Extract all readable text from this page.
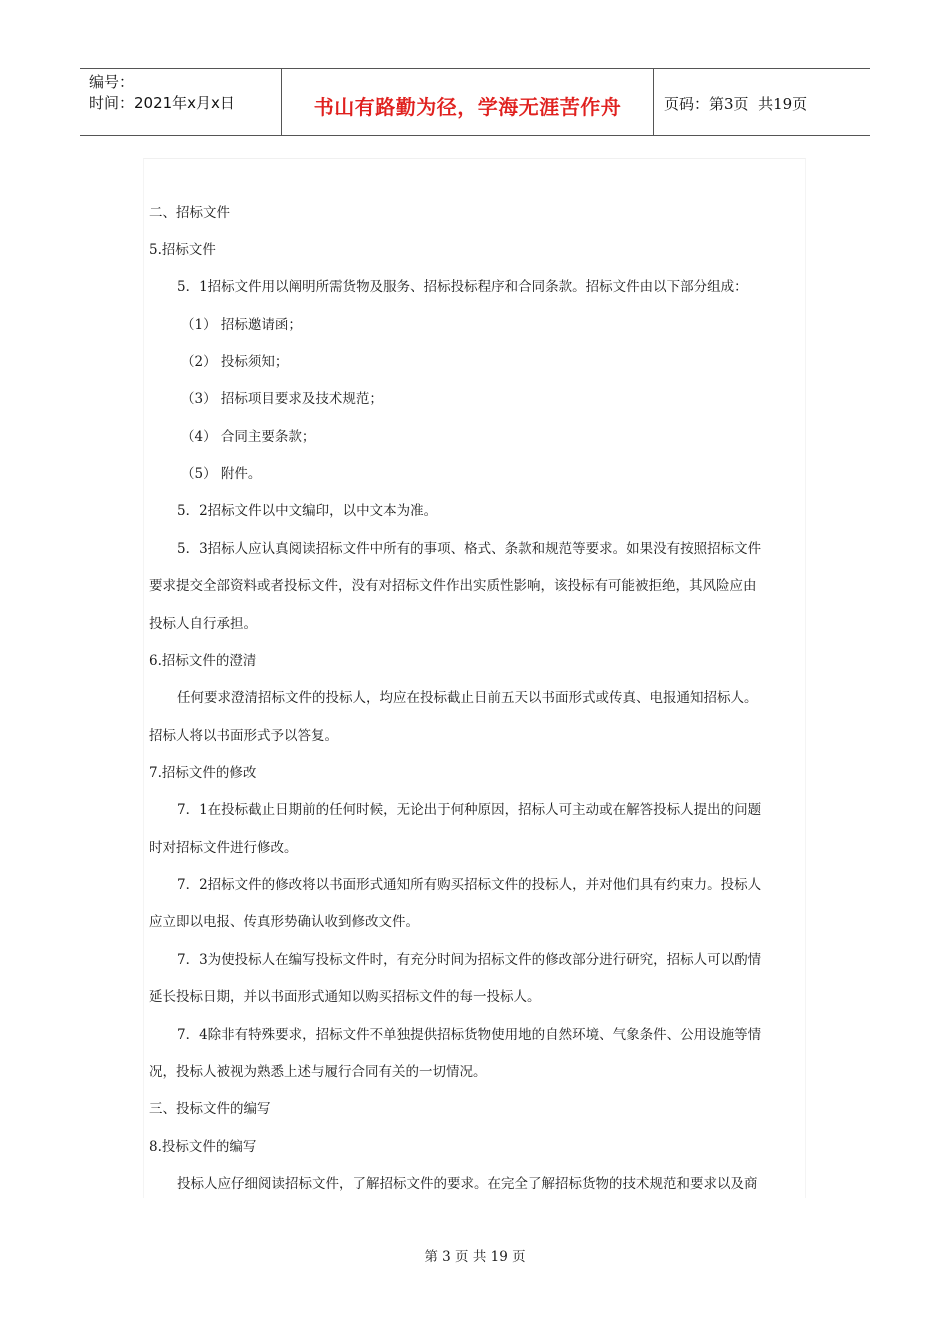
编号：
时间：2021年x月x日	书山有路勤为径，学海无涯苦作舟	页码：第3页  共19页
二、招标文件
5.招标文件
5．1招标文件用以阐明所需货物及服务、招标投标程序和合同条款。招标文件由以下部分组成：
（1） 招标邀请函；
（2） 投标须知；
（3） 招标项目要求及技术规范；
（4） 合同主要条款；
（5） 附件。
5．2招标文件以中文编印，以中文本为准。
5．3招标人应认真阅读招标文件中所有的事项、格式、条款和规范等要求。如果没有按照招标文件
要求提交全部资料或者投标文件，没有对招标文件作出实质性影响，该投标有可能被拒绝，其风险应由
投标人自行承担。
6.招标文件的澄清
任何要求澄清招标文件的投标人，均应在投标截止日前五天以书面形式或传真、电报通知招标人。
招标人将以书面形式予以答复。
7.招标文件的修改
7．1在投标截止日期前的任何时候，无论出于何种原因，招标人可主动或在解答投标人提出的问题
时对招标文件进行修改。
7．2招标文件的修改将以书面形式通知所有购买招标文件的投标人，并对他们具有约束力。投标人
应立即以电报、传真形势确认收到修改文件。
7．3为使投标人在编写投标文件时，有充分时间为招标文件的修改部分进行研究，招标人可以酌情
延长投标日期，并以书面形式通知以购买招标文件的每一投标人。
7．4除非有特殊要求，招标文件不单独提供招标货物使用地的自然环境、气象条件、公用设施等情
况，投标人被视为熟悉上述与履行合同有关的一切情况。
三、投标文件的编写
8.投标文件的编写
投标人应仔细阅读招标文件，了解招标文件的要求。在完全了解招标货物的技术规范和要求以及商
第 3 页 共 19 页
